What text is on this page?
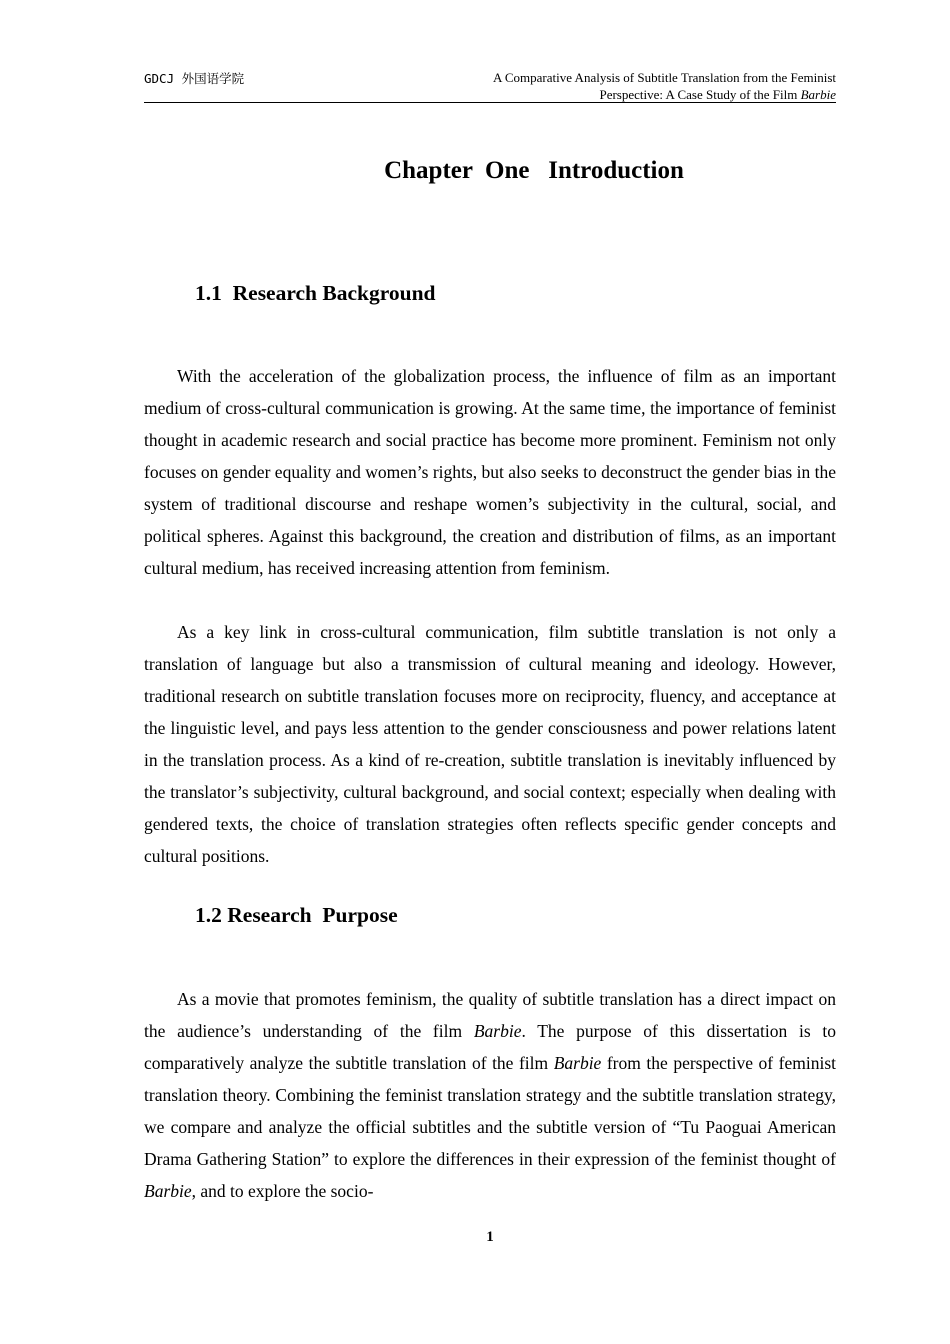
GDCJ 外国语学院	A Comparative Analysis of Subtitle Translation from the Feminist
Perspective: A Case Study of the Film Barbie
Chapter  One Introduction
1.1  Research Background

With the acceleration of the globalization process, the influence of film as an important medium of cross-cultural communication is growing. At the same time, the importance of feminist thought in academic research and social practice has become more prominent. Feminism not only focuses on gender equality and women’s rights, but also seeks to deconstruct the gender bias in the system of traditional discourse and reshape women’s subjectivity in the cultural, social, and political spheres. Against this background, the creation and distribution of films, as an important cultural medium, has received increasing attention from feminism.

As a key link in cross-cultural communication, film subtitle translation is not only a translation of language but also a transmission of cultural meaning and ideology. However, traditional research on subtitle translation focuses more on reciprocity, fluency, and acceptance at the linguistic level, and pays less attention to the gender consciousness and power relations latent in the translation process. As a kind of re-creation, subtitle translation is inevitably influenced by the translator’s subjectivity, cultural background, and social context; especially when dealing with gendered texts, the choice of translation strategies often reflects specific gender concepts and cultural positions.

1.2 Research  Purpose

As a movie that promotes feminism, the quality of subtitle translation has a direct impact on the audience’s understanding of the film Barbie. The purpose of this dissertation is to comparatively analyze the subtitle translation of the film Barbie from the perspective of feminist translation theory. Combining the feminist translation strategy and the subtitle translation strategy, we compare and analyze the official subtitles and the subtitle version of “Tu Paoguai American Drama Gathering Station” to explore the differences in their expression of the feminist thought of Barbie, and to explore the socio-

1
